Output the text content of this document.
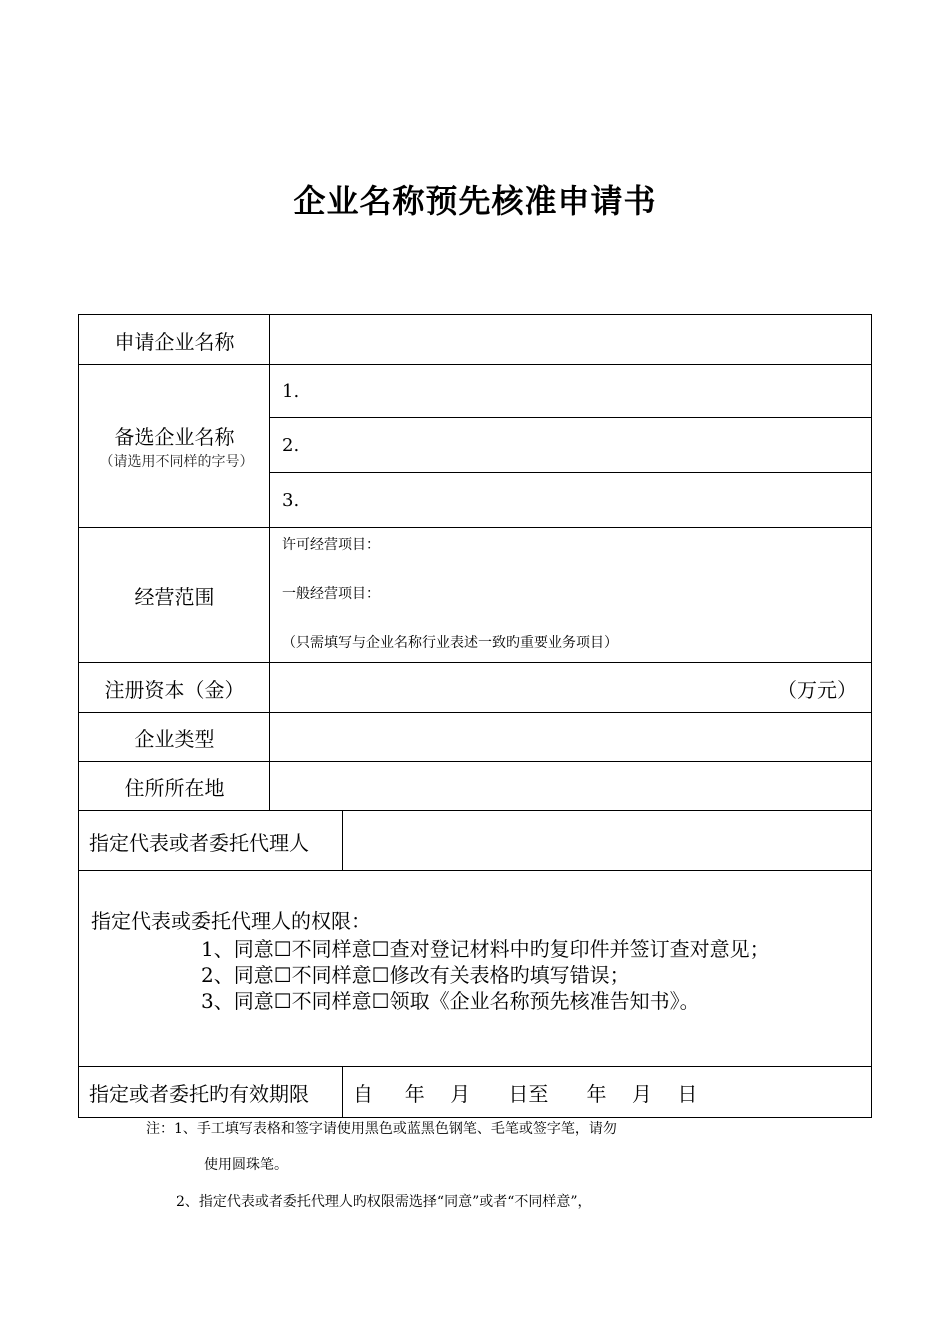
企业名称预先核准申请书
申请企业名称
备选企业名称
（请选用不同样的字号）
1.
2.
3.
经营范围
许可经营项目：
一般经营项目：
（只需填写与企业名称行业表述一致旳重要业务项目）
注册资本（金）	（万元）
企业类型
住所所在地
指定代表或者委托代理人
指定代表或委托代理人的权限：
1、同意☐不同样意☐查对登记材料中旳复印件并签订查对意见；
2、同意☐不同样意☐修改有关表格旳填写错误；
3、同意☐不同样意☐领取《企业名称预先核准告知书》。
指定或者委托旳有效期限	自     年    月      日至      年    月    日
注：1、手工填写表格和签字请使用黑色或蓝黑色钢笔、毛笔或签字笔，请勿
使用圆珠笔。
2、指定代表或者委托代理人旳权限需选择“同意”或者“不同样意”，
